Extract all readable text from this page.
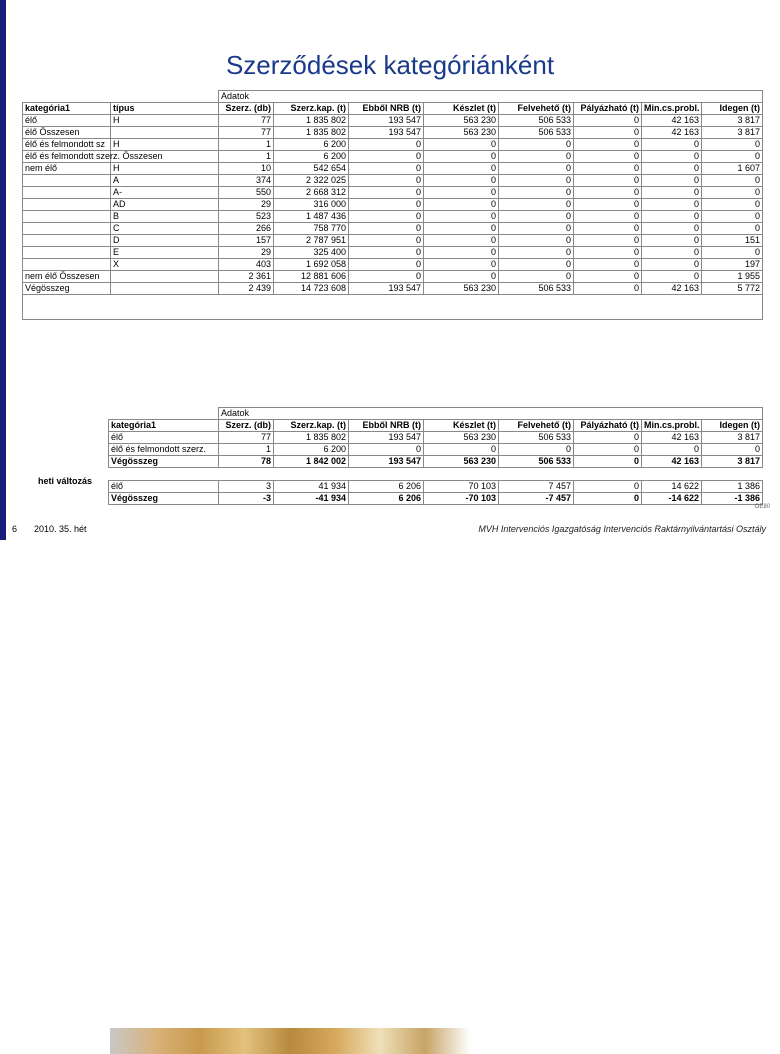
Szerződések kategóriánként
		Adatok							
kategória1	típus	Szerz. (db)	Szerz.kap. (t)	Ebből NRB (t)	Készlet (t)	Felvehető (t)	Pályázható (t)	Min.cs.probl.	Idegen (t)
élő	H	77	1 835 802	193 547	563 230	506 533	0	42 163	3 817
élő Összesen		77	1 835 802	193 547	563 230	506 533	0	42 163	3 817
élő és felmondott sz	H	1	6 200	0	0	0	0	0	0
élő és felmondott szerz. Összesen		1	6 200	0	0	0	0	0	0
nem élő	H	10	542 654	0	0	0	0	0	1 607
	A	374	2 322 025	0	0	0	0	0	0
	A-	550	2 668 312	0	0	0	0	0	0
	AD	29	316 000	0	0	0	0	0	0
	B	523	1 487 436	0	0	0	0	0	0
	C	266	758 770	0	0	0	0	0	0
	D	157	2 787 951	0	0	0	0	0	151
	E	29	325 400	0	0	0	0	0	0
	X	403	1 692 058	0	0	0	0	0	197
nem élő Összesen		2 361	12 881 606	0	0	0	0	0	1 955
Végösszeg		2 439	14 723 608	193 547	563 230	506 533	0	42 163	5 772

	Adatok							
kategória1	Szerz. (db)	Szerz.kap. (t)	Ebből NRB (t)	Készlet (t)	Felvehető (t)	Pályázható (t)	Min.cs.probl.	Idegen (t)
élő	77	1 835 802	193 547	563 230	506 533	0	42 163	3 817
élő és felmondott szerz.	1	6 200	0	0	0	0	0	0
Végösszeg	78	1 842 002	193 547	563 230	506 533	0	42 163	3 817

élő	3	41 934	6 206	70 103	7 457	0	14 622	1 386
Végösszeg	-3	-41 934	6 206	-70 103	-7 457	0	-14 622	-1 386
heti változás
ОЕ80
6 2010. 35. hét	MVH Intervenciós Igazgatóság Intervenciós Raktárnyilvántartási Osztály
